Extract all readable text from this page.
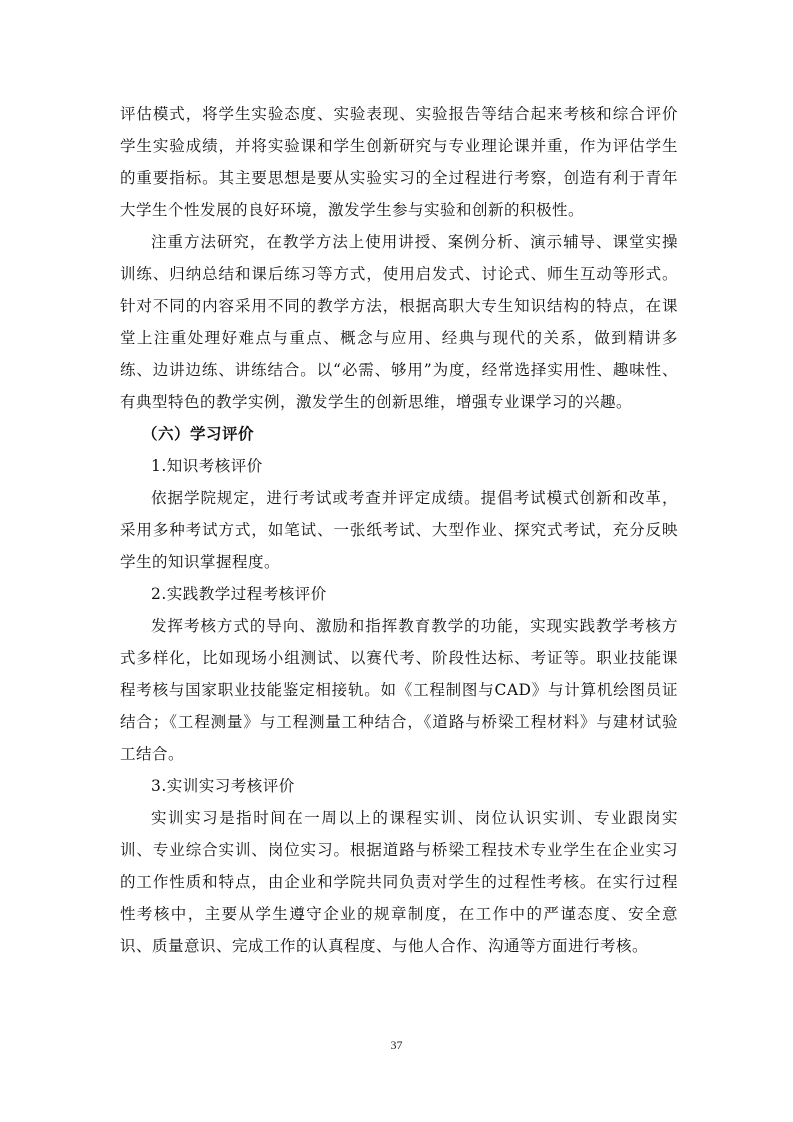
评估模式，将学生实验态度、实验表现、实验报告等结合起来考核和综合评价学生实验成绩，并将实验课和学生创新研究与专业理论课并重，作为评估学生的重要指标。其主要思想是要从实验实习的全过程进行考察，创造有利于青年大学生个性发展的良好环境，激发学生参与实验和创新的积极性。

注重方法研究，在教学方法上使用讲授、案例分析、演示辅导、课堂实操训练、归纳总结和课后练习等方式，使用启发式、讨论式、师生互动等形式。针对不同的内容采用不同的教学方法，根据高职大专生知识结构的特点，在课堂上注重处理好难点与重点、概念与应用、经典与现代的关系，做到精讲多练、边讲边练、讲练结合。以“必需、够用”为度，经常选择实用性、趣味性、有典型特色的教学实例，激发学生的创新思维，增强专业课学习的兴趣。

（六）学习评价

1.知识考核评价

依据学院规定，进行考试或考查并评定成绩。提倡考试模式创新和改革，采用多种考试方式，如笔试、一张纸考试、大型作业、探究式考试，充分反映学生的知识掌握程度。

2.实践教学过程考核评价

发挥考核方式的导向、激励和指挥教育教学的功能，实现实践教学考核方式多样化，比如现场小组测试、以赛代考、阶段性达标、考证等。职业技能课程考核与国家职业技能鉴定相接轨。如《工程制图与CAD》与计算机绘图员证结合；《工程测量》与工程测量工种结合，《道路与桥梁工程材料》与建材试验工结合。

3.实训实习考核评价

实训实习是指时间在一周以上的课程实训、岗位认识实训、专业跟岗实训、专业综合实训、岗位实习。根据道路与桥梁工程技术专业学生在企业实习的工作性质和特点，由企业和学院共同负责对学生的过程性考核。在实行过程性考核中，主要从学生遵守企业的规章制度，在工作中的严谨态度、安全意识、质量意识、完成工作的认真程度、与他人合作、沟通等方面进行考核。

37
